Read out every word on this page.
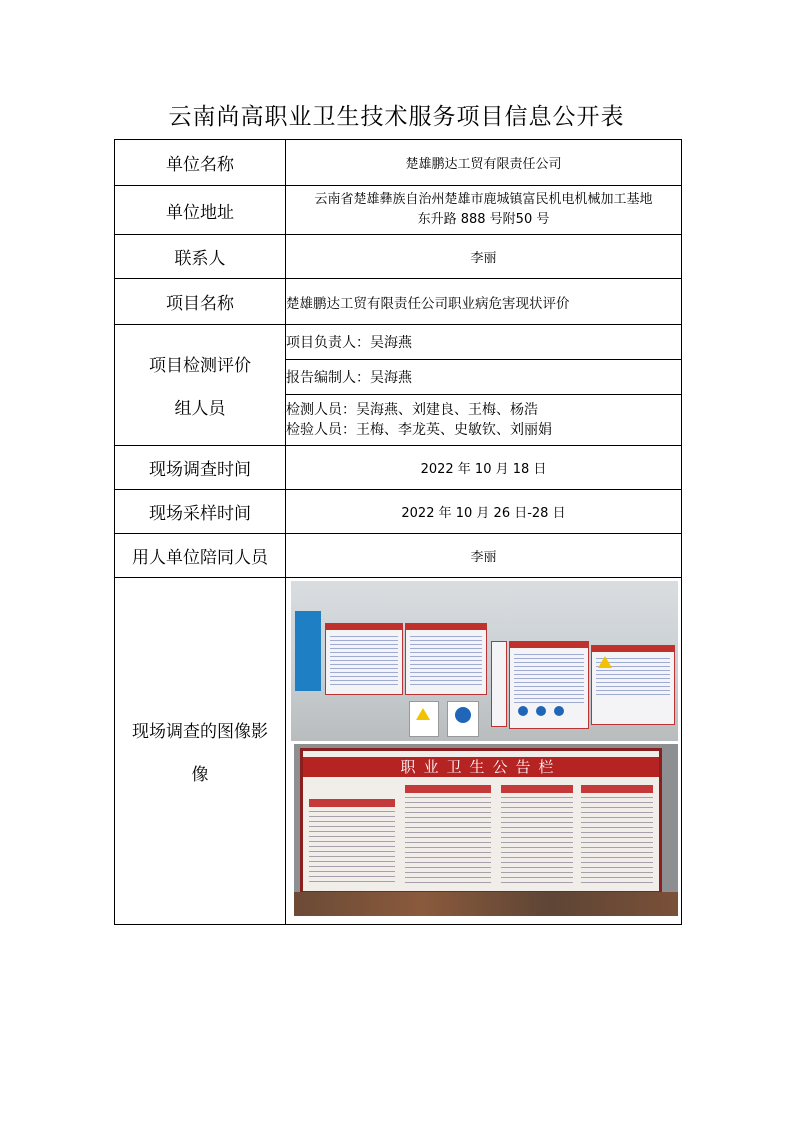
云南尚高职业卫生技术服务项目信息公开表
单位名称	楚雄鹏达工贸有限责任公司
单位地址	云南省楚雄彝族自治州楚雄市鹿城镇富民机电机械加工基地
东升路 888 号附50 号

联系人	李丽
项目名称	楚雄鹏达工贸有限责任公司职业病危害现状评价

项目检测评价
组人员	项目负责人：吴海燕
	报告编制人：吴海燕

	检测人员：吴海燕、刘建良、王梅、杨浩
检验人员：王梅、李龙英、史敏钦、刘丽娟

现场调查时间	2022 年 10 月 18 日
现场采样时间	2022 年 10 月 26 日-28 日
用人单位陪同人员	李丽

现场调查的图像影
像	职业卫生公告栏
